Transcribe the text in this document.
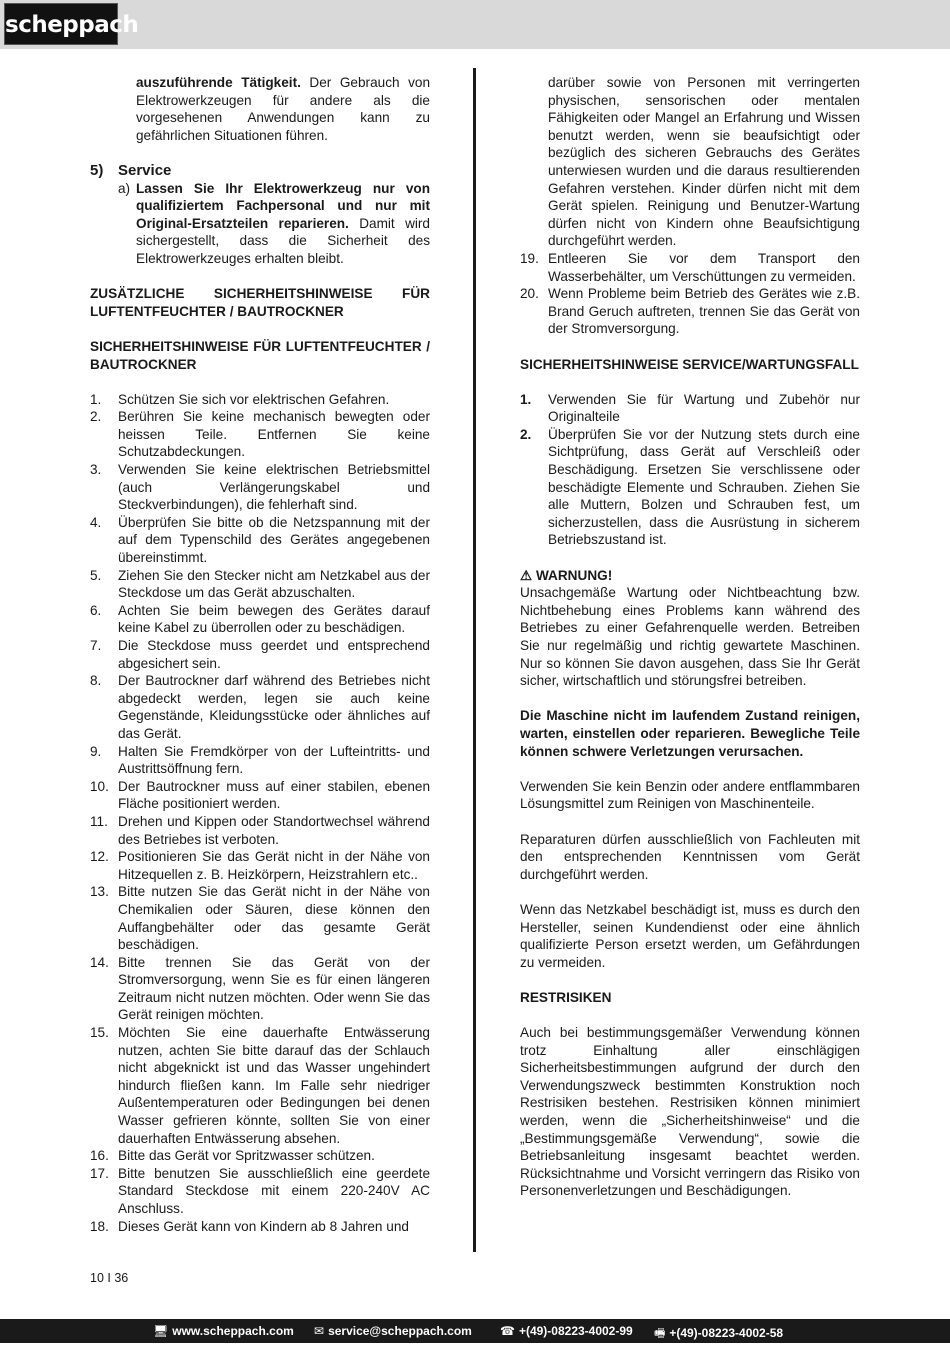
scheppach

auszuführende Tätigkeit. Der Gebrauch von Elektrowerkzeugen für andere als die vorgesehenen Anwendungen kann zu gefährlichen Situationen führen.

5) Service

a) Lassen Sie Ihr Elektrowerkzeug nur von qualifiziertem Fachpersonal und nur mit Original-Ersatzteilen reparieren. Damit wird sichergestellt, dass die Sicherheit des Elektrowerkzeuges erhalten bleibt.

ZUSÄTZLICHE SICHERHEITSHINWEISE FÜR LUFTENTFEUCHTER / BAUTROCKNER

SICHERHEITSHINWEISE FÜR LUFTENTFEUCHTER / BAUTROCKNER

1.	Schützen Sie sich vor elektrischen Gefahren.
2.	Berühren Sie keine mechanisch bewegten oder heissen Teile. Entfernen Sie keine Schutzabdeckungen.
3.	Verwenden Sie keine elektrischen Betriebsmittel (auch Verlängerungskabel und Steckverbindungen), die fehlerhaft sind.
4.	Überprüfen Sie bitte ob die Netzspannung mit der auf dem Typenschild des Gerätes angegebenen übereinstimmt.
5.	Ziehen Sie den Stecker nicht am Netzkabel aus der Steckdose um das Gerät abzuschalten.
6.	Achten Sie beim bewegen des Gerätes darauf keine Kabel zu überrollen oder zu beschädigen.
7.	Die Steckdose muss geerdet und entsprechend abgesichert sein.
8.	Der Bautrockner darf während des Betriebes nicht abgedeckt werden, legen sie auch keine Gegenstände, Kleidungsstücke oder ähnliches auf das Gerät.
9.	Halten Sie Fremdkörper von der Lufteintritts- und Austrittsöffnung fern.
10. Der Bautrockner muss auf einer stabilen, ebenen Fläche positioniert werden.
11. Drehen und Kippen oder Standortwechsel während des Betriebes ist verboten.
12. Positionieren Sie das Gerät nicht in der Nähe von Hitzequellen z. B. Heizkörpern, Heizstrahlern etc..
13. Bitte nutzen Sie das Gerät nicht in der Nähe von Chemikalien oder Säuren, diese können den Auffangbehälter oder das gesamte Gerät beschädigen.
14. Bitte trennen Sie das Gerät von der Stromversorgung, wenn Sie es für einen längeren Zeitraum nicht nutzen möchten. Oder wenn Sie das Gerät reinigen möchten.
15. Möchten Sie eine dauerhafte Entwässerung nutzen, achten Sie bitte darauf das der Schlauch nicht abgeknickt ist und das Wasser ungehindert hindurch fließen kann. Im Falle sehr niedriger Außentemperaturen oder Bedingungen bei denen Wasser gefrieren könnte, sollten Sie von einer dauerhaften Entwässerung absehen.
16. Bitte das Gerät vor Spritzwasser schützen.
17. Bitte benutzen Sie ausschließlich eine geerdete Standard Steckdose mit einem 220-240V AC Anschluss.
18. Dieses Gerät kann von Kindern ab 8 Jahren und

darüber sowie von Personen mit verringerten physischen, sensorischen oder mentalen Fähigkeiten oder Mangel an Erfahrung und Wissen benutzt werden, wenn sie beaufsichtigt oder bezüglich des sicheren Gebrauchs des Gerätes unterwiesen wurden und die daraus resultierenden Gefahren verstehen. Kinder dürfen nicht mit dem Gerät spielen. Reinigung und Benutzer-Wartung dürfen nicht von Kindern ohne Beaufsichtigung durchgeführt werden.

19. Entleeren Sie vor dem Transport den Wasserbehälter, um Verschüttungen zu vermeiden.
20. Wenn Probleme beim Betrieb des Gerätes wie z.B. Brand Geruch auftreten, trennen Sie das Gerät von der Stromversorgung.

SICHERHEITSHINWEISE SERVICE/WARTUNGSFALL

1.	Verwenden Sie für Wartung und Zubehör nur Originalteile
2.	Überprüfen Sie vor der Nutzung stets durch eine Sichtprüfung, dass Gerät auf Verschleiß oder Beschädigung. Ersetzen Sie verschlissene oder beschädigte Elemente und Schrauben. Ziehen Sie alle Muttern, Bolzen und Schrauben fest, um sicherzustellen, dass die Ausrüstung in sicherem Betriebszustand ist.

⚠ WARNUNG!

Unsachgemäße Wartung oder Nichtbeachtung bzw. Nichtbehebung eines Problems kann während des Betriebes zu einer Gefahrenquelle werden. Betreiben Sie nur regelmäßig und richtig gewartete Maschinen. Nur so können Sie davon ausgehen, dass Sie Ihr Gerät sicher, wirtschaftlich und störungsfrei betreiben.

Die Maschine nicht im laufendem Zustand reinigen, warten, einstellen oder reparieren. Bewegliche Teile können schwere Verletzungen verursachen.

Verwenden Sie kein Benzin oder andere entflammbaren Lösungsmittel zum Reinigen von Maschinenteile.

Reparaturen dürfen ausschließlich von Fachleuten mit den entsprechenden Kenntnissen vom Gerät durchgeführt werden.

Wenn das Netzkabel beschädigt ist, muss es durch den Hersteller, seinen Kundendienst oder eine ähnlich qualifizierte Person ersetzt werden, um Gefährdungen zu vermeiden.

RESTRISIKEN

Auch bei bestimmungsgemäßer Verwendung können trotz Einhaltung aller einschlägigen Sicherheitsbestimmungen aufgrund der durch den Verwendungszweck bestimmten Konstruktion noch Restrisiken bestehen. Restrisiken können minimiert werden, wenn die „Sicherheitshinweise“ und die „Bestimmungsgemäße Verwendung“, sowie die Betriebsanleitung insgesamt beachtet werden. Rücksichtnahme und Vorsicht verringern das Risiko von Personenverletzungen und Beschädigungen.

10 I 36
🖥 www.scheppach.com ✉ service@scheppach.com ☎ +(49)-08223-4002-99 🖷 +(49)-08223-4002-58
